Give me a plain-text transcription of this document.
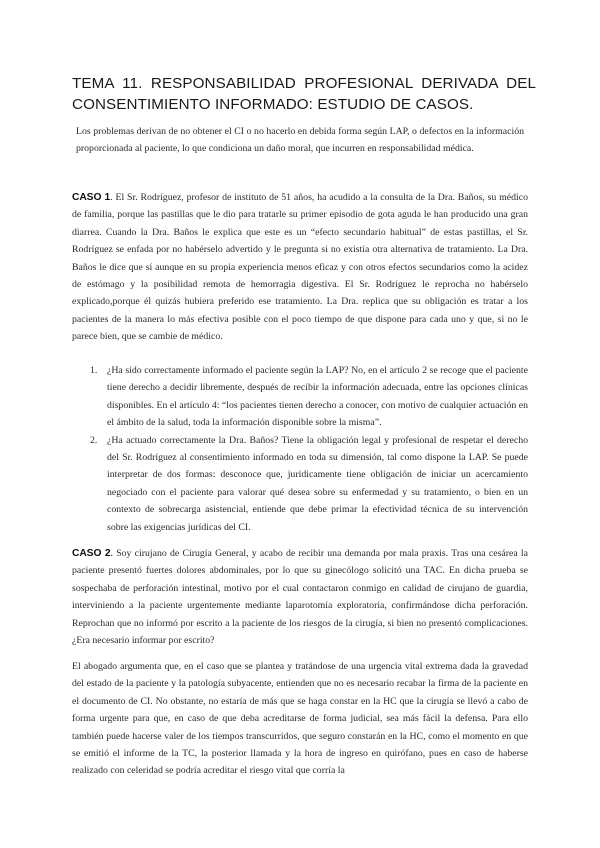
TEMA 11. RESPONSABILIDAD PROFESIONAL DERIVADA DEL CONSENTIMIENTO INFORMADO: ESTUDIO DE CASOS.
Los problemas derivan de no obtener el CI o no hacerlo en debida forma según LAP, o defectos en la información proporcionada al paciente, lo que condiciona un daño moral, que incurren en responsabilidad médica.
CASO 1. El Sr. Rodríguez, profesor de instituto de 51 años, ha acudido a la consulta de la Dra. Baños, su médico de familia, porque las pastillas que le dio para tratarle su primer episodio de gota aguda le han producido una gran diarrea. Cuando la Dra. Baños le explica que este es un “efecto secundario habitual” de estas pastillas, el Sr. Rodríguez se enfada por no habérselo advertido y le pregunta si no existía otra alternativa de tratamiento. La Dra. Baños le dice que sí aunque en su propia experiencia menos eficaz y con otros efectos secundarios como la acidez de estómago y la posibilidad remota de hemorragia digestiva. El Sr. Rodríguez le reprocha no habérselo explicado,porque él quizás hubiera preferido ese tratamiento. La Dra. replica que su obligación es tratar a los pacientes de la manera lo más efectiva posible con el poco tiempo de que dispone para cada uno y que, si no le parece bien, que se cambie de médico.
1. ¿Ha sido correctamente informado el paciente según la LAP? No, en el artículo 2 se recoge que el paciente tiene derecho a decidir libremente, después de recibir la información adecuada, entre las opciones clínicas disponibles. En el artículo 4: “los pacientes tienen derecho a conocer, con motivo de cualquier actuación en el ámbito de la salud, toda la información disponible sobre la misma”.
2. ¿Ha actuado correctamente la Dra. Baños? Tiene la obligación legal y profesional de respetar el derecho del Sr. Rodríguez al consentimiento informado en toda su dimensión, tal como dispone la LAP. Se puede interpretar de dos formas: desconoce que, jurídicamente tiene obligación de iniciar un acercamiento negociado con el paciente para valorar qué desea sobre su enfermedad y su tratamiento, o bien en un contexto de sobrecarga asistencial, entiende que debe primar la efectividad técnica de su intervención sobre las exigencias jurídicas del CI.
CASO 2. Soy cirujano de Cirugía General, y acabo de recibir una demanda por mala praxis. Tras una cesárea la paciente presentó fuertes dolores abdominales, por lo que su ginecólogo solicitó una TAC. En dicha prueba se sospechaba de perforación intestinal, motivo por el cual contactaron conmigo en calidad de cirujano de guardia, interviniendo a la paciente urgentemente mediante laparotomía exploratoria, confirmándose dicha perforación. Reprochan que no informó por escrito a la paciente de los riesgos de la cirugía, si bien no presentó complicaciones. ¿Era necesario informar por escrito?
El abogado argumenta que, en el caso que se plantea y tratándose de una urgencia vital extrema dada la gravedad del estado de la paciente y la patología subyacente, entienden que no es necesario recabar la firma de la paciente en el documento de CI. No obstante, no estaría de más que se haga constar en la HC que la cirugía se llevó a cabo de forma urgente para que, en caso de que deba acreditarse de forma judicial, sea más fácil la defensa. Para ello también puede hacerse valer de los tiempos transcurridos, que seguro constarán en la HC, como el momento en que se emitió el informe de la TC, la posterior llamada y la hora de ingreso en quirófano, pues en caso de haberse realizado con celeridad se podría acreditar el riesgo vital que corría la
